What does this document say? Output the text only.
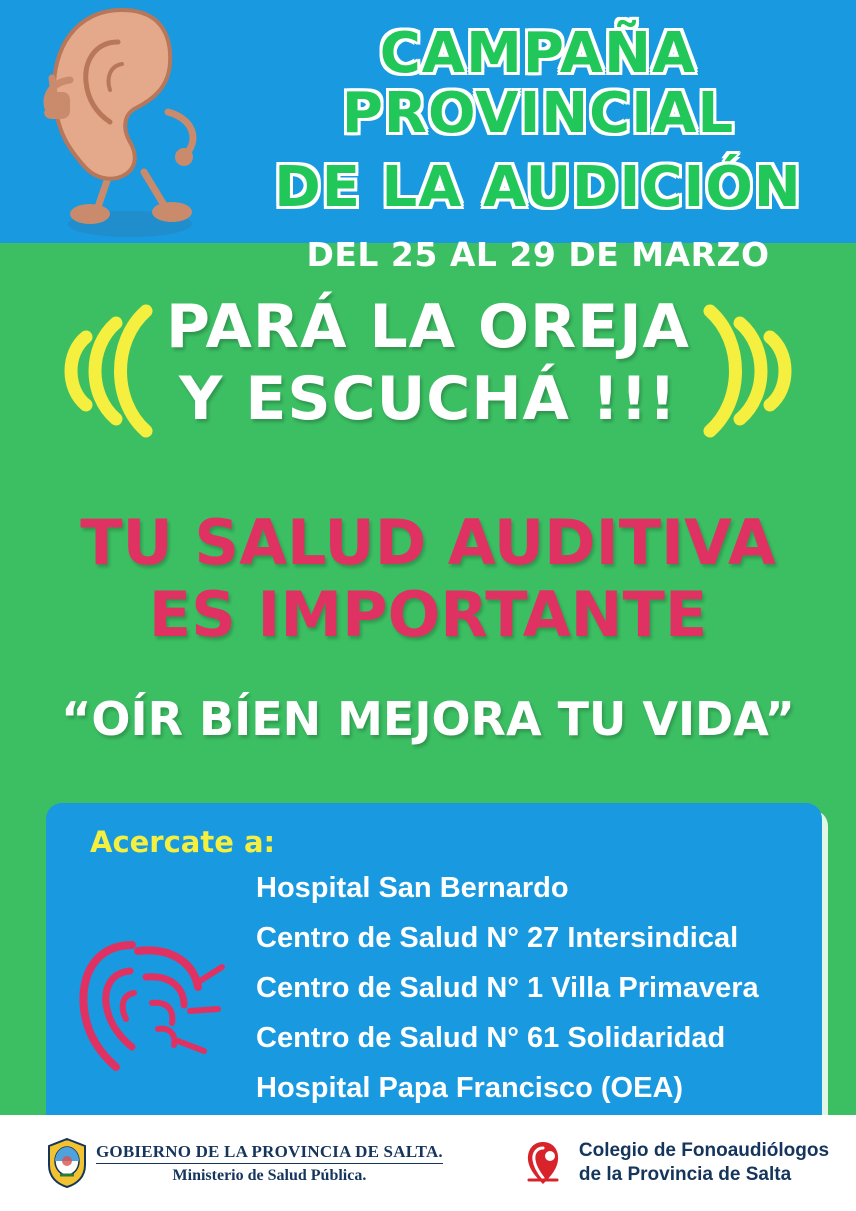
CAMPAÑA PROVINCIAL

DE LA AUDICIÓN

DEL 25 AL 29 DE MARZO

PARÁ LA OREJA

Y ESCUCHÁ !!!

TU SALUD AUDITIVA

ES IMPORTANTE

“OÍR BÍEN MEJORA TU VIDA”
Acercate a:
Hospital San Bernardo
Centro de Salud N° 27 Intersindical
Centro de Salud N° 1 Villa Primavera
Centro de Salud N° 61 Solidaridad
Hospital Papa Francisco (OEA)
GOBIERNO DE LA PROVINCIA DE SALTA.
Ministerio de Salud Pública.
Colegio de Fonoaudiólogos
de la Provincia de Salta
